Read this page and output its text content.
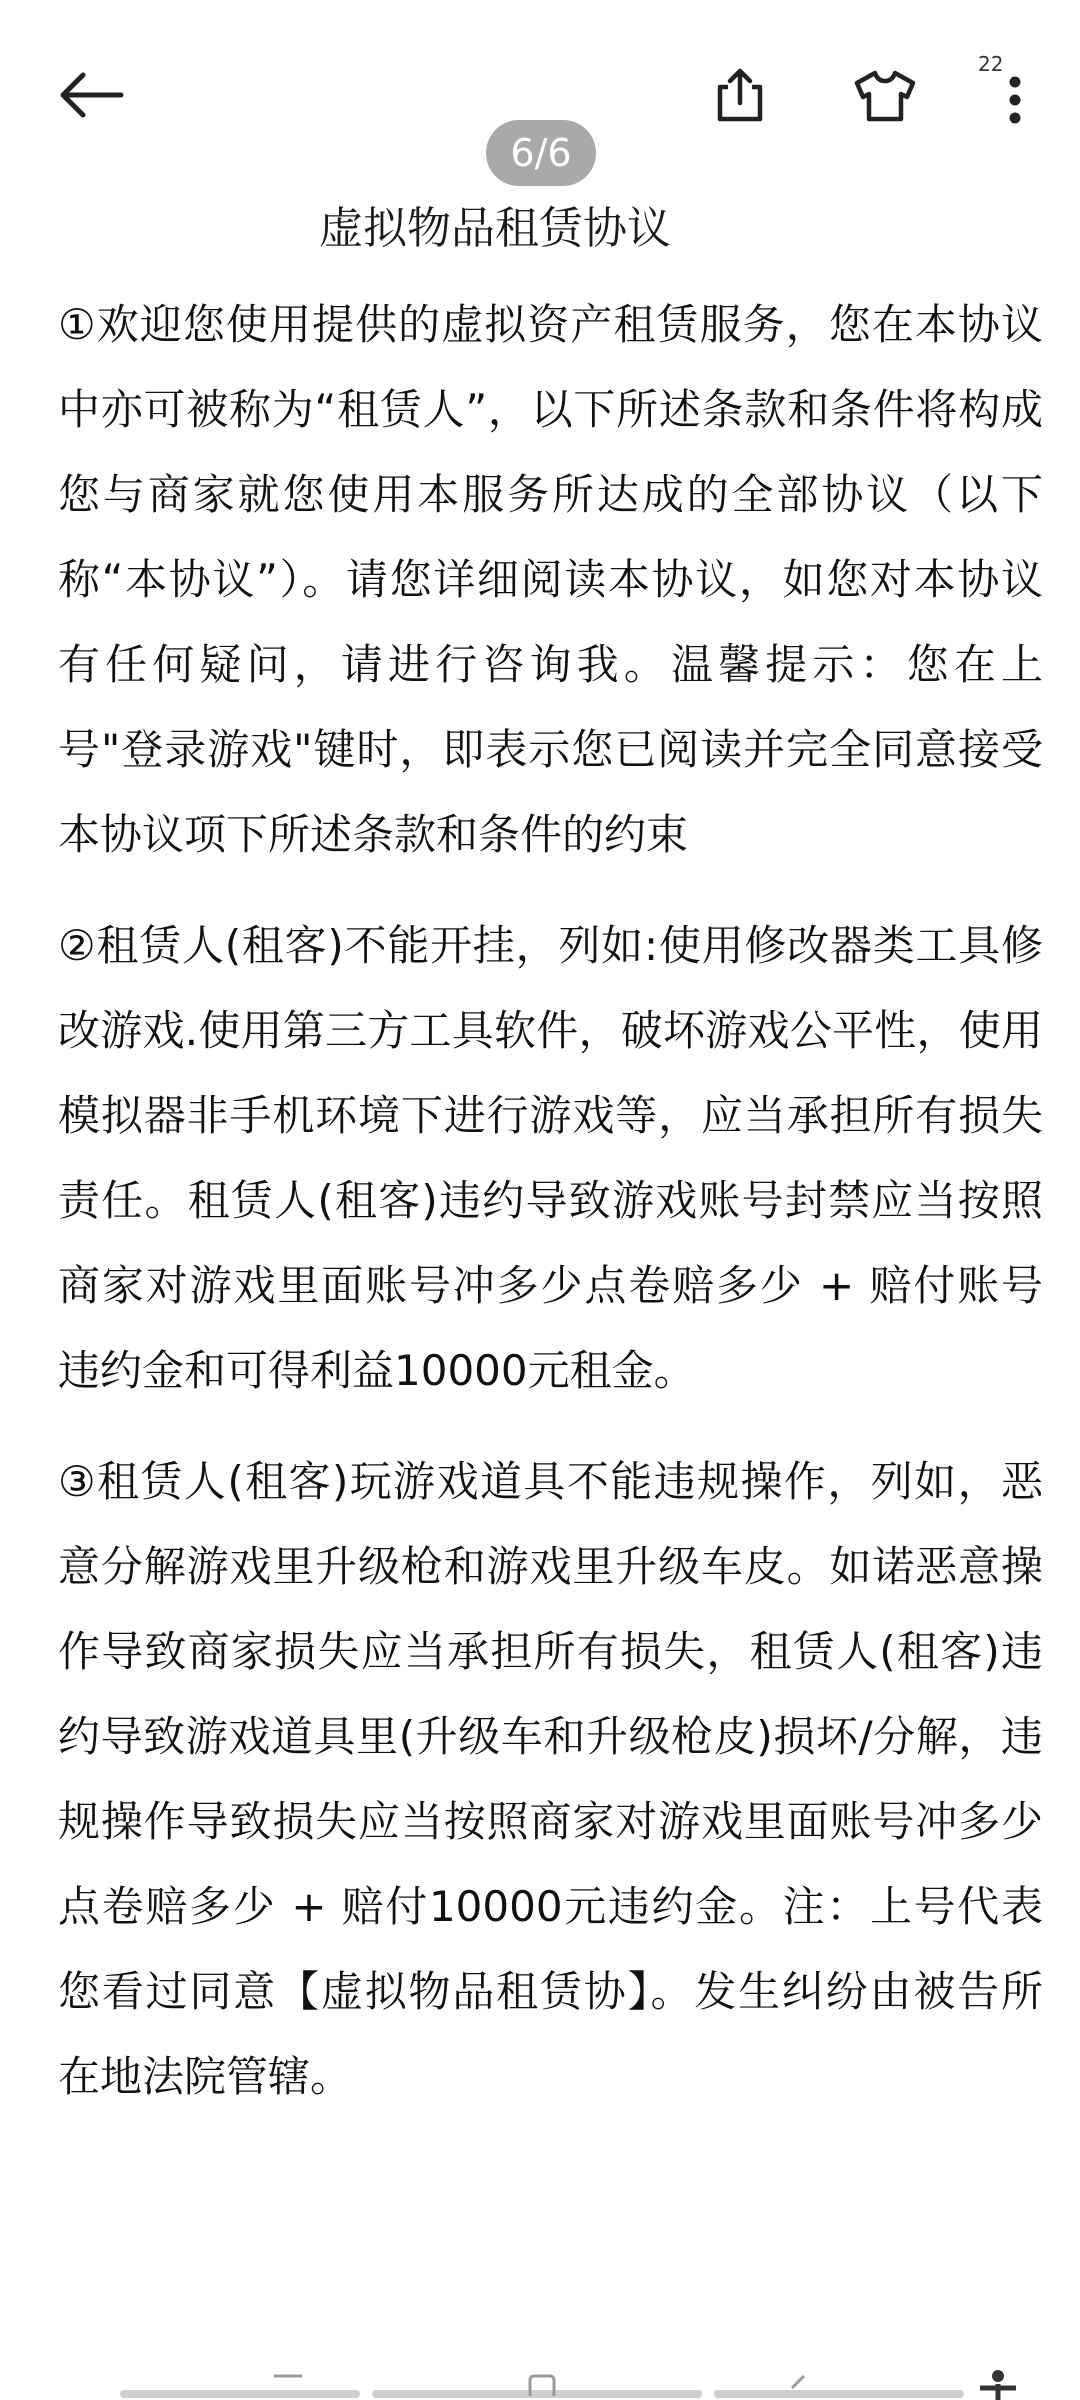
22
6/6
虚拟物品租赁协议

①欢迎您使用提供的虚拟资产租赁服务，您在本协议中亦可被称为“租赁人”，以下所述条款和条件将构成您与商家就您使用本服务所达成的全部协议（以下称“本协议”）。请您详细阅读本协议，如您对本协议有任何疑问，请进行咨询我。温馨提示：您在上号"登录游戏"键时，即表示您已阅读并完全同意接受本协议项下所述条款和条件的约束

②租赁人(租客)不能开挂，列如:使用修改器类工具修改游戏.使用第三方工具软件，破坏游戏公平性，使用模拟器非手机环境下进行游戏等，应当承担所有损失责任。租赁人(租客)违约导致游戏账号封禁应当按照商家对游戏里面账号冲多少点卷赔多少 + 赔付账号违约金和可得利益10000元租金。

③租赁人(租客)玩游戏道具不能违规操作，列如，恶意分解游戏里升级枪和游戏里升级车皮。如诺恶意操作导致商家损失应当承担所有损失，租赁人(租客)违约导致游戏道具里(升级车和升级枪皮)损坏/分解，违规操作导致损失应当按照商家对游戏里面账号冲多少点卷赔多少 + 赔付10000元违约金。注：上号代表您看过同意【虚拟物品租赁协】。发生纠纷由被告所在地法院管辖。
